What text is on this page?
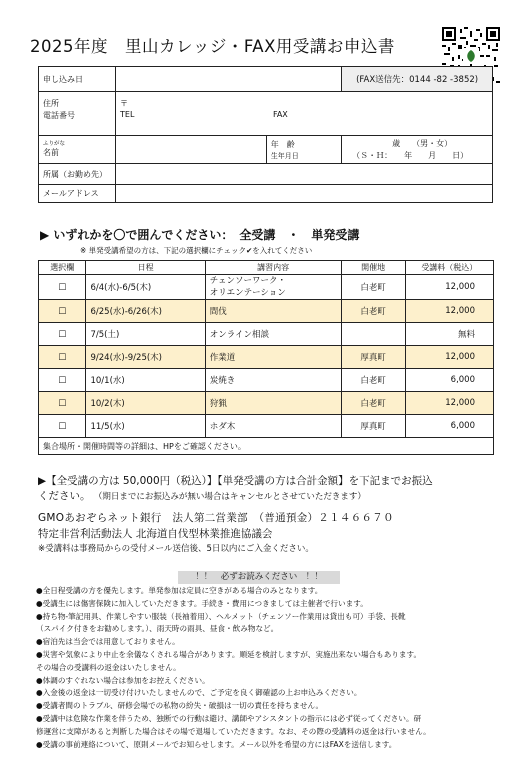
2025年度　里山カレッジ・FAX用受講お申込書
申し込み日			(FAX送信先：0144 -82 -3852)

住所
電話番号	〒
TEL FAX		

ふりがな
名前		年　齢
生年月日	歳　　（男・女）
（Ｓ・Ｈ：　　年　　月　　日）
所属（お勤め先）			
メールアドレス			
▶ いずれかを〇で囲んでください：　全受講　・　単発受講
※ 単発受講希望の方は、下記の選択欄にチェック✔を入れてください
選択欄	日程	講習内容	開催地	受講料（税込）
□	6/4(水)-6/5(木)	チェンソーワーク・
オリエンテーション	白老町	12,000
□	6/25(水)-6/26(木)	間伐	白老町	12,000
□	7/5(土)	オンライン相談		無料
□	9/24(水)-9/25(木)	作業道	厚真町	12,000
□	10/1(水)	炭焼き	白老町	6,000
□	10/2(木)	狩猟	白老町	12,000
□	11/5(水)	ホダ木	厚真町	6,000
集合場所・開催時間等の詳細は、HPをご確認ください。				
▶【全受講の方は 50,000円（税込）】【単発受講の方は合計金額】を下記までお振込
ください。 （期日までにお振込みが無い場合はキャンセルとさせていただきます）
GMOあおぞらネット銀行　法人第二営業部　（普通預金）２１４６６７０
特定非営利活動法人 北海道自伐型林業推進協議会
※受講料は事務局からの受付メール送信後、5日以内にご入金ください。
！！　必ずお読みください　！！
●全日程受講の方を優先します。単発参加は定員に空きがある場合のみとなります。
●受講生には傷害保険に加入していただきます。手続き・費用につきましては主催者で行います。
●持ち物-筆記用具、作業しやすい服装（長袖着用）、ヘルメット（チェンソー作業用は貸出も可）手袋、長靴
（スパイク付きをお勧めします。）、雨天時の雨具、昼食・飲み物など。
●宿泊先は当会では用意しておりません。
●災害や気象により中止を余儀なくされる場合があります。順延を検討しますが、実施出来ない場合もあります。
その場合の受講料の返金はいたしません。
●体調のすぐれない場合は参加をお控えください。
●入金後の返金は一切受け付けいたしませんので、ご予定を良く御確認の上お申込みください。
●受講者間のトラブル、研修会場での私物の紛失・破損は一切の責任を持ちません。
●受講中は危険な作業を伴うため、独断での行動は避け、講師やアシスタントの指示には必ず従ってください。研
修運営に支障があると判断した場合はその場で退場していただきます。なお、その際の受講料の返金は行いません。
●受講の事前連絡について、原則メールでお知らせします。メール以外を希望の方にはFAXを送信します。
